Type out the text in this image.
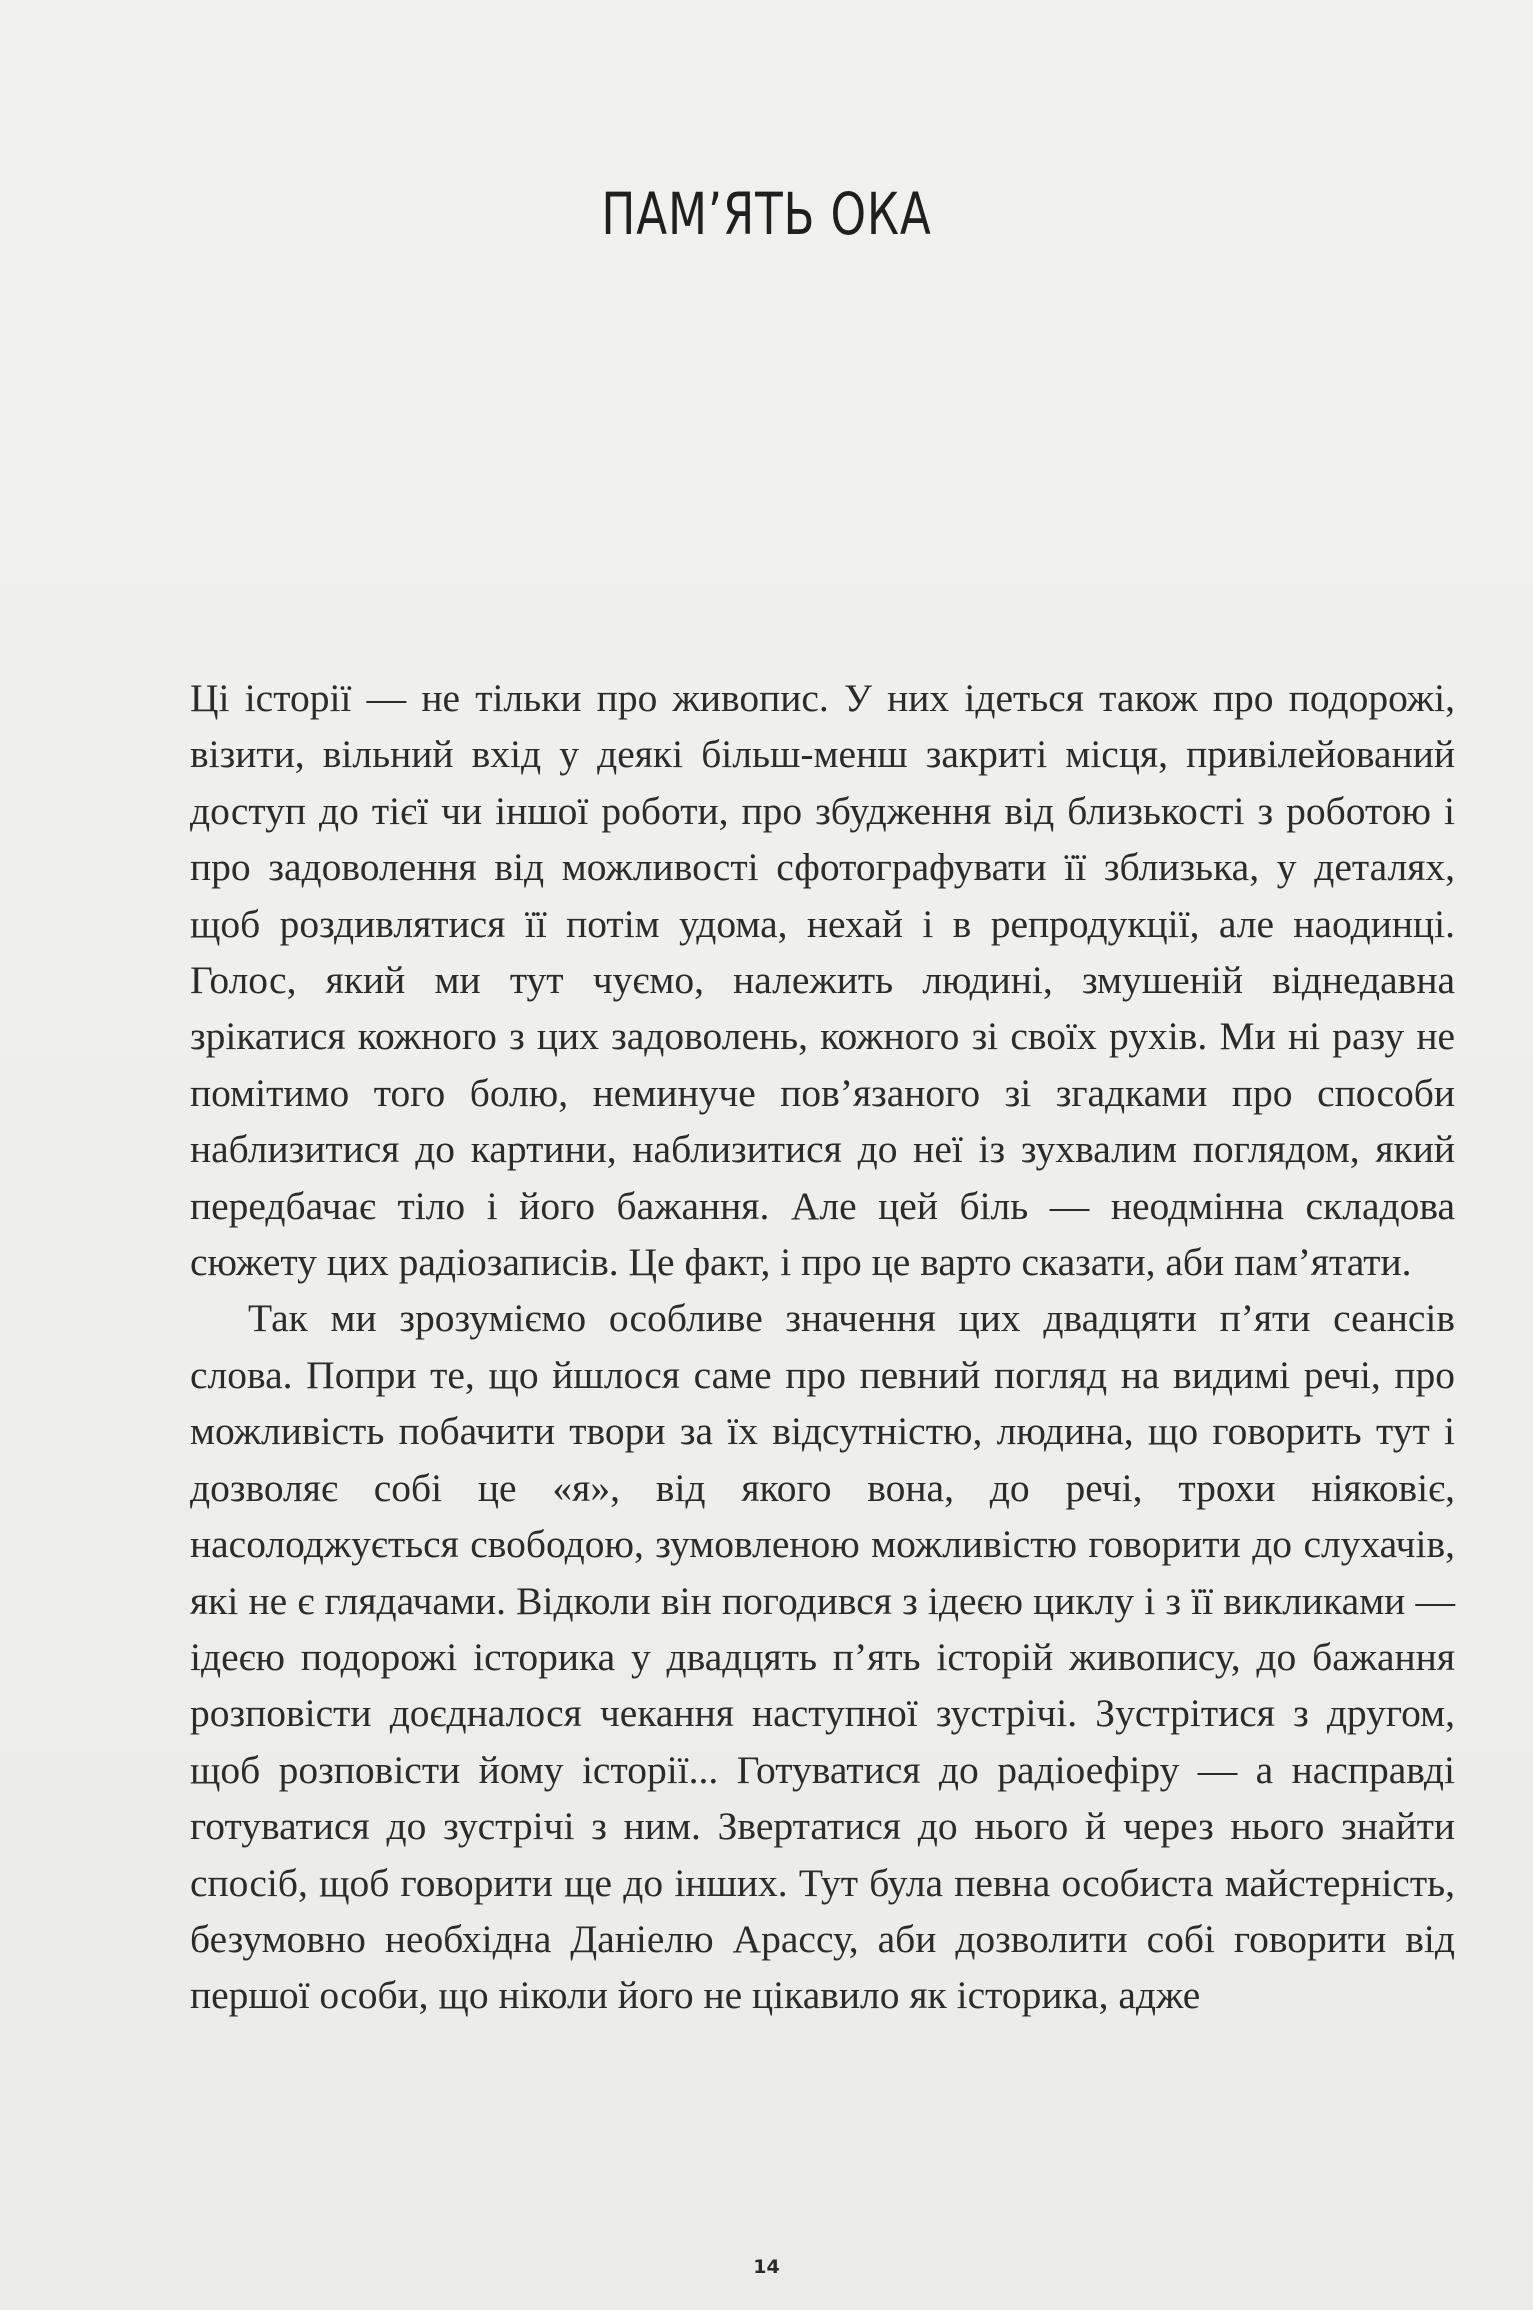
ПАМ’ЯТЬ ОКА

Ці історії — не тільки про живопис. У них ідеться також про подорожі, візити, вільний вхід у деякі більш-менш закриті місця, привілейований доступ до тієї чи іншої роботи, про збудження від близькості з роботою і про задоволення від можливості сфотографувати її зблизька, у деталях, щоб роздивлятися її потім удома, нехай і в репродукції, але наодинці. Голос, який ми тут чуємо, належить людині, змушеній віднедавна зрікатися кожного з цих задоволень, кожного зі своїх рухів. Ми ні разу не помітимо того болю, неминуче пов’язаного зі згадками про способи наблизитися до картини, наблизитися до неї із зухвалим поглядом, який передбачає тіло і його бажання. Але цей біль — неодмінна складова сюжету цих радіозаписів. Це факт, і про це варто сказати, аби пам’ятати.

Так ми зрозуміємо особливе значення цих двадцяти п’яти сеансів слова. Попри те, що йшлося саме про певний погляд на видимі речі, про можливість побачити твори за їх відсутністю, людина, що говорить тут і дозволяє собі це «я», від якого вона, до речі, трохи ніяковіє, насолоджується свободою, зумовленою можливістю говорити до слухачів, які не є глядачами. Відколи він погодився з ідеєю циклу і з її викликами — ідеєю подорожі історика у двадцять п’ять історій живопису, до бажання розповісти доєдналося чекання наступної зустрічі. Зустрітися з другом, щоб розповісти йому історії... Готуватися до радіоефіру — а насправді готуватися до зустрічі з ним. Звертатися до нього й через нього знайти спосіб, щоб говорити ще до інших. Тут була певна особиста майстерність, безумовно необхідна Даніелю Арассу, аби дозволити собі говорити від першої особи, що ніколи його не цікавило як історика, адже

14
